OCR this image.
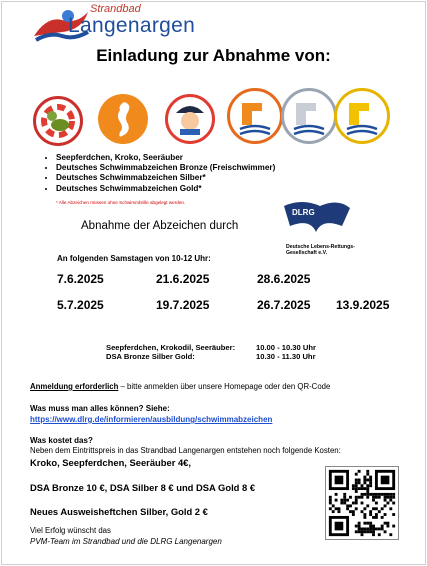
Strandbad
Langenargen
Einladung zur Abnahme von:
• Seepferdchen, Kroko, Seeräuber
• Deutsches Schwimmabzeichen Bronze (Freischwimmer)
• Deutsches Schwimmabzeichen Silber*
• Deutsches Schwimmabzeichen Gold*
* Alle Abzeichen müssen ohne Schwimmbrille abgelegt werden.
Abnahme der Abzeichen durch
DLRG
Deutsche Lebens-Rettungs-
Gesellschaft e.V.
An folgenden Samstagen von 10-12 Uhr:
7.6.2025	21.6.2025	28.6.2025
5.7.2025	19.7.2025	26.7.2025 13.9.2025
Seepferdchen, Krokodil, Seeräuber:	10.00 - 10.30 Uhr
DSA Bronze Silber Gold:	10.30 - 11.30 Uhr
Anmeldung erforderlich – bitte anmelden über unsere Homepage oder den QR-Code
Was muss man alles können? Siehe:
https://www.dlrg.de/informieren/ausbildung/schwimmabzeichen
Was kostet das?
Neben dem Eintrittspreis in das Strandbad Langenargen entstehen noch folgende Kosten:
Kroko, Seepferdchen, Seeräuber 4€,
DSA Bronze 10 €, DSA Silber 8 € und DSA Gold 8 €
Neues Ausweisheftchen Silber, Gold 2 €
Viel Erfolg wünscht das
PVM-Team im Strandbad und die DLRG Langenargen
